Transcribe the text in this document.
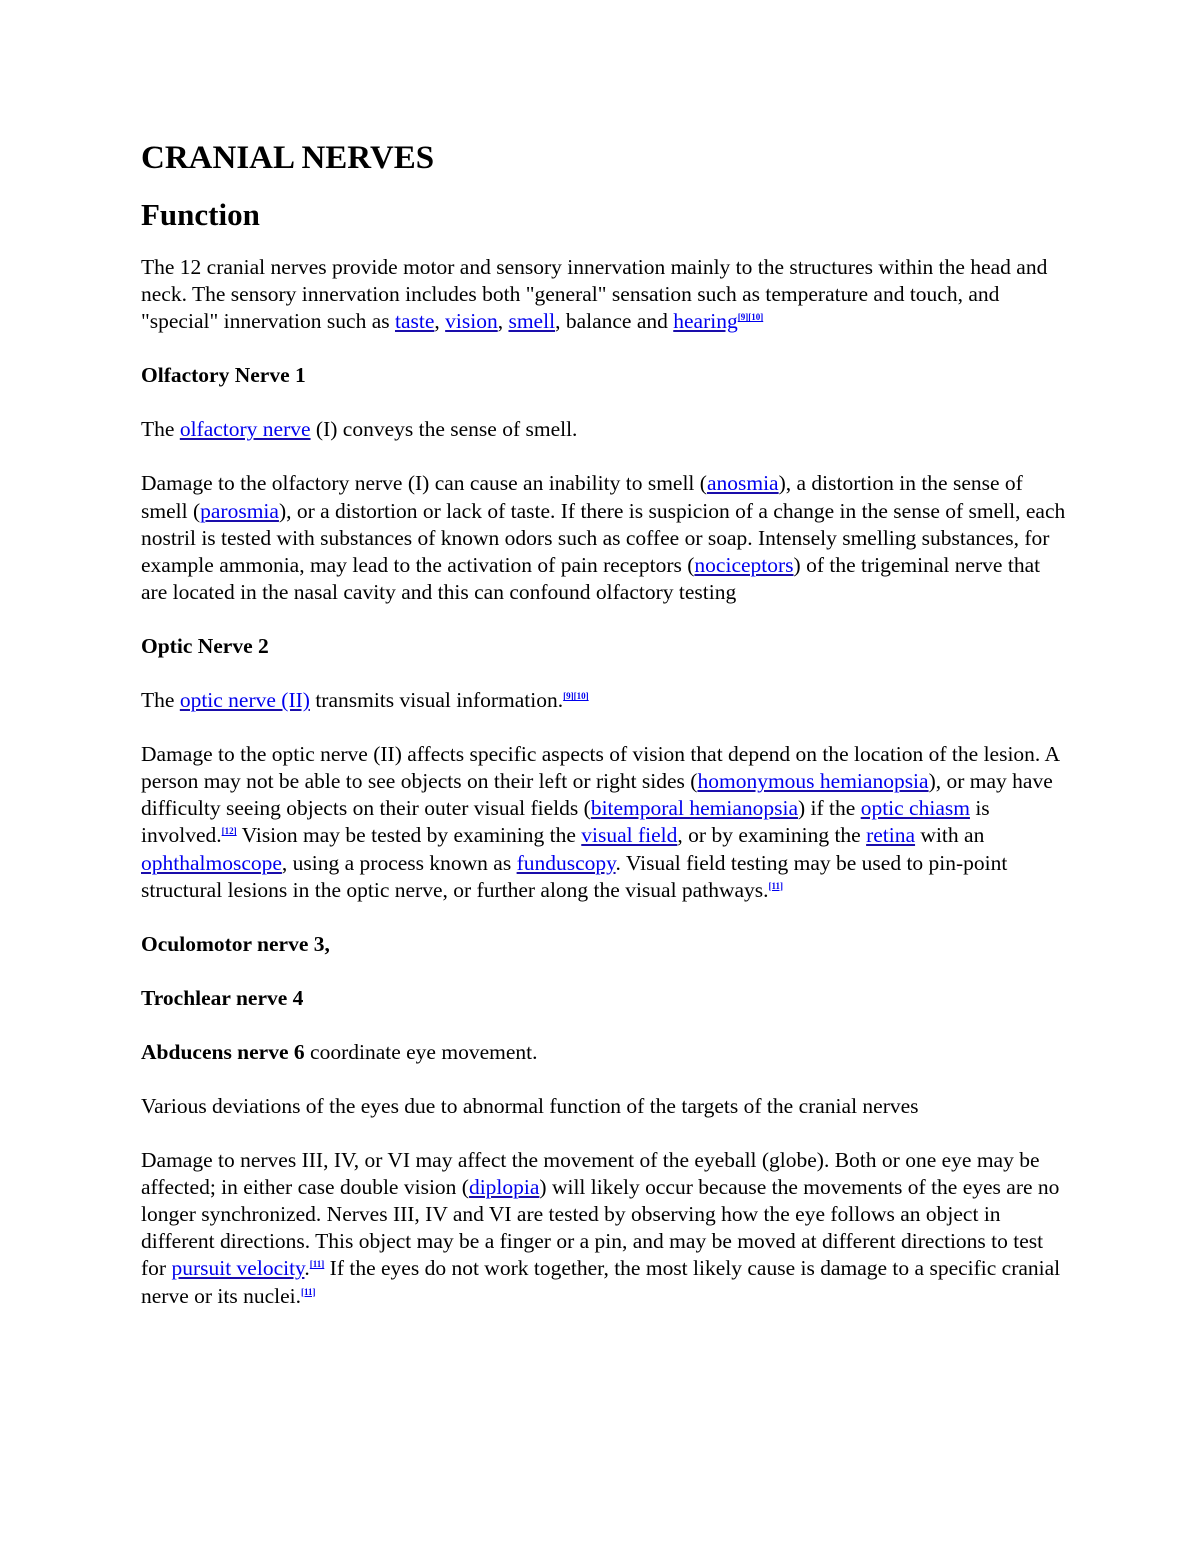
CRANIAL NERVES
Function

The 12 cranial nerves provide motor and sensory innervation mainly to the structures within the head and neck. The sensory innervation includes both "general" sensation such as temperature and touch, and "special" innervation such as taste, vision, smell, balance and hearing[9][10]

Olfactory Nerve 1

The olfactory nerve (I) conveys the sense of smell.

Damage to the olfactory nerve (I) can cause an inability to smell (anosmia), a distortion in the sense of smell (parosmia), or a distortion or lack of taste. If there is suspicion of a change in the sense of smell, each nostril is tested with substances of known odors such as coffee or soap. Intensely smelling substances, for example ammonia, may lead to the activation of pain receptors (nociceptors) of the trigeminal nerve that are located in the nasal cavity and this can confound olfactory testing

Optic Nerve 2

The optic nerve (II) transmits visual information.[9][10]

Damage to the optic nerve (II) affects specific aspects of vision that depend on the location of the lesion. A person may not be able to see objects on their left or right sides (homonymous hemianopsia), or may have difficulty seeing objects on their outer visual fields (bitemporal hemianopsia) if the optic chiasm is involved.[12] Vision may be tested by examining the visual field, or by examining the retina with an ophthalmoscope, using a process known as funduscopy. Visual field testing may be used to pin-point structural lesions in the optic nerve, or further along the visual pathways.[11]

Oculomotor nerve 3,

Trochlear nerve 4

Abducens nerve 6 coordinate eye movement.

Various deviations of the eyes due to abnormal function of the targets of the cranial nerves

Damage to nerves III, IV, or VI may affect the movement of the eyeball (globe). Both or one eye may be affected; in either case double vision (diplopia) will likely occur because the movements of the eyes are no longer synchronized. Nerves III, IV and VI are tested by observing how the eye follows an object in different directions. This object may be a finger or a pin, and may be moved at different directions to test for pursuit velocity.[11] If the eyes do not work together, the most likely cause is damage to a specific cranial nerve or its nuclei.[11]
